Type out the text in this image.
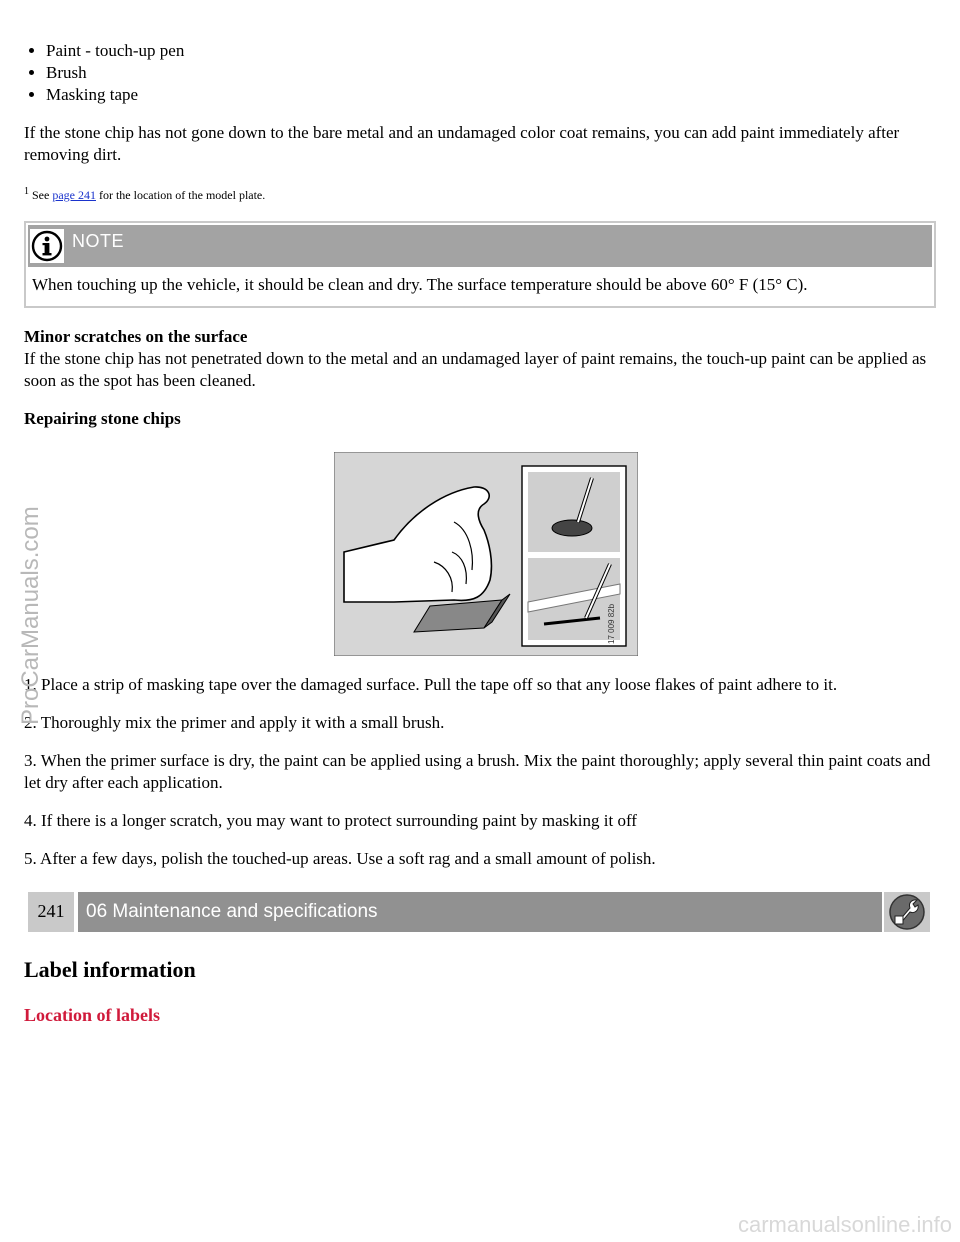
• Paint - touch-up pen
• Brush
• Masking tape

If the stone chip has not gone down to the bare metal and an undamaged color coat remains, you can add paint immediately after removing dirt.

$^1$ See page 241 for the location of the model plate.

NOTE

When touching up the vehicle, it should be clean and dry. The surface temperature should be above 60° F (15° C).

Minor scratches on the surface
If the stone chip has not penetrated down to the metal and an undamaged layer of paint remains, the touch-up paint can be applied as soon as the spot has been cleaned.

Repairing stone chips

17 009 82b

1. Place a strip of masking tape over the damaged surface. Pull the tape off so that any loose flakes of paint adhere to it.

2. Thoroughly mix the primer and apply it with a small brush.

3. When the primer surface is dry, the paint can be applied using a brush. Mix the paint thoroughly; apply several thin paint coats and let dry after each application.

4. If there is a longer scratch, you may want to protect surrounding paint by masking it off

5. After a few days, polish the touched-up areas. Use a soft rag and a small amount of polish.

241	06 Maintenance and specifications

Label information

Location of labels

ProCarManuals.com
carmanualsonline.info
